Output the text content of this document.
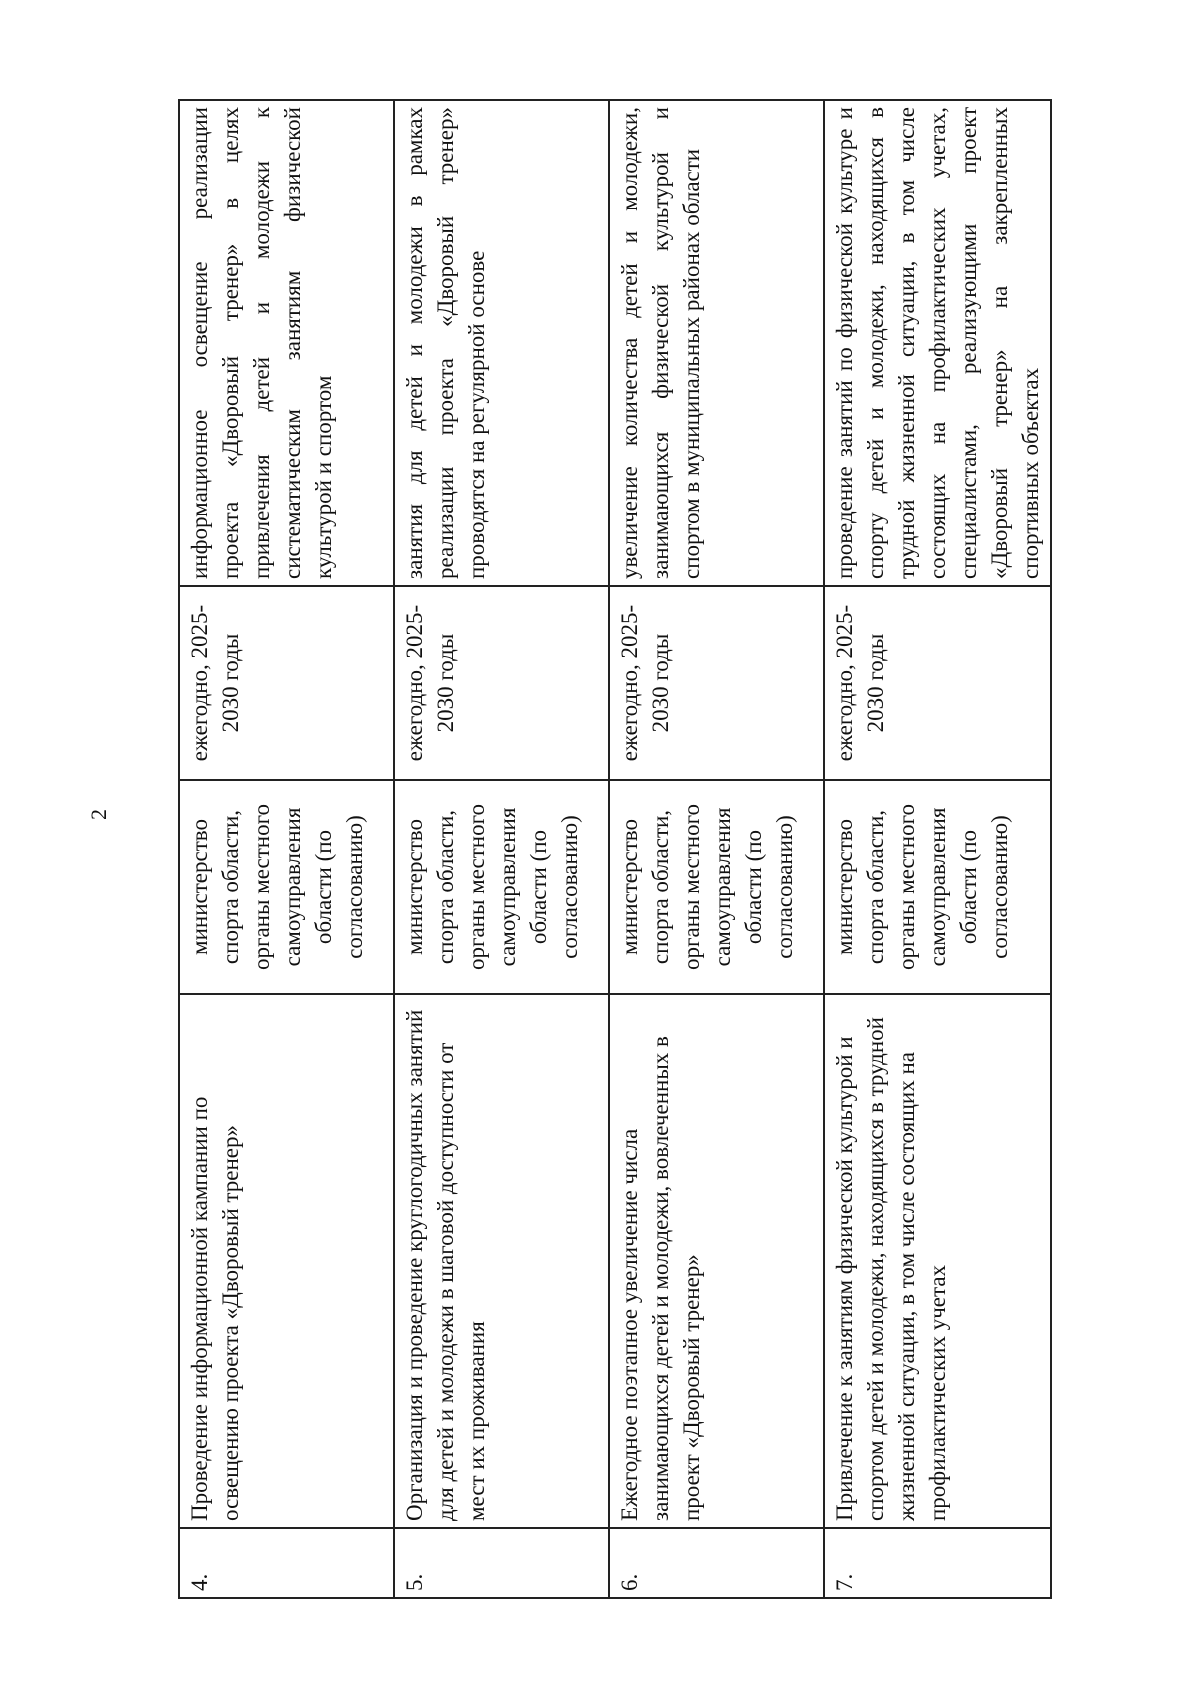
2
4.	Проведение информационной кампании по освещению проекта «Дворовый тренер»	министерство спорта области, органы местного самоуправления области (по согласованию)	ежегодно, 2025-2030 годы	информационное освещение реализации проекта «Дворовый тренер» в целях привлечения детей и молодежи к систематическим занятиям физической культурой и спортом
5.	Организация и проведение круглогодичных занятий для детей и молодежи в шаговой доступности от мест их проживания	министерство спорта области, органы местного самоуправления области (по согласованию)	ежегодно, 2025-2030 годы	занятия для детей и молодежи в рамках реализации проекта «Дворовый тренер» проводятся на регулярной основе
6.	Ежегодное поэтапное увеличение числа занимающихся детей и молодежи, вовлеченных в проект «Дворовый тренер»	министерство спорта области, органы местного самоуправления области (по согласованию)	ежегодно, 2025-2030 годы	увеличение количества детей и молодежи, занимающихся физической культурой и спортом в муниципальных районах области
7.	Привлечение к занятиям физической культурой и спортом детей и молодежи, находящихся в трудной жизненной ситуации, в том числе состоящих на профилактических учетах	министерство спорта области, органы местного самоуправления области (по согласованию)	ежегодно, 2025-2030 годы	проведение занятий по физической культуре и спорту детей и молодежи, находящихся в трудной жизненной ситуации, в том числе состоящих на профилактических учетах, специалистами, реализующими проект «Дворовый тренер» на закрепленных спортивных объектах
